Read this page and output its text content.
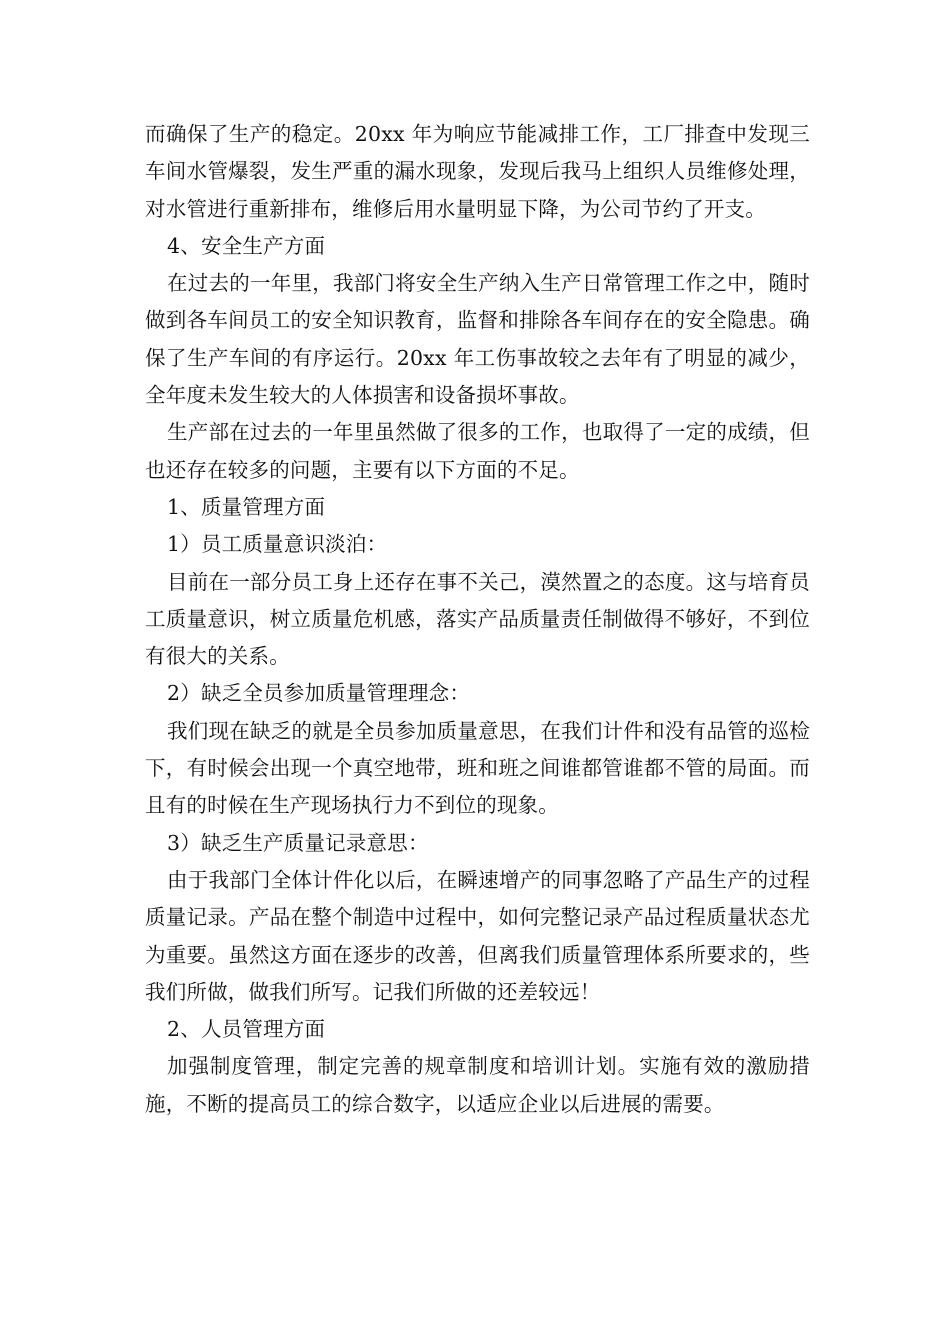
而确保了生产的稳定。20xx 年为响应节能减排工作，工厂排查中发现三车间水管爆裂，发生严重的漏水现象，发现后我马上组织人员维修处理，对水管进行重新排布，维修后用水量明显下降，为公司节约了开支。

4、安全生产方面

在过去的一年里，我部门将安全生产纳入生产日常管理工作之中，随时做到各车间员工的安全知识教育，监督和排除各车间存在的安全隐患。确保了生产车间的有序运行。20xx 年工伤事故较之去年有了明显的减少，全年度未发生较大的人体损害和设备损坏事故。

生产部在过去的一年里虽然做了很多的工作，也取得了一定的成绩，但也还存在较多的问题，主要有以下方面的不足。

1、质量管理方面

1）员工质量意识淡泊：

目前在一部分员工身上还存在事不关己，漠然置之的态度。这与培育员工质量意识，树立质量危机感，落实产品质量责任制做得不够好，不到位有很大的关系。

2）缺乏全员参加质量管理理念：

我们现在缺乏的就是全员参加质量意思，在我们计件和没有品管的巡检下，有时候会出现一个真空地带，班和班之间谁都管谁都不管的局面。而且有的时候在生产现场执行力不到位的现象。

3）缺乏生产质量记录意思：

由于我部门全体计件化以后，在瞬速增产的同事忽略了产品生产的过程质量记录。产品在整个制造中过程中，如何完整记录产品过程质量状态尤为重要。虽然这方面在逐步的改善，但离我们质量管理体系所要求的，些我们所做，做我们所写。记我们所做的还差较远！

2、人员管理方面

加强制度管理，制定完善的规章制度和培训计划。实施有效的激励措施，不断的提高员工的综合数字，以适应企业以后进展的需要。
